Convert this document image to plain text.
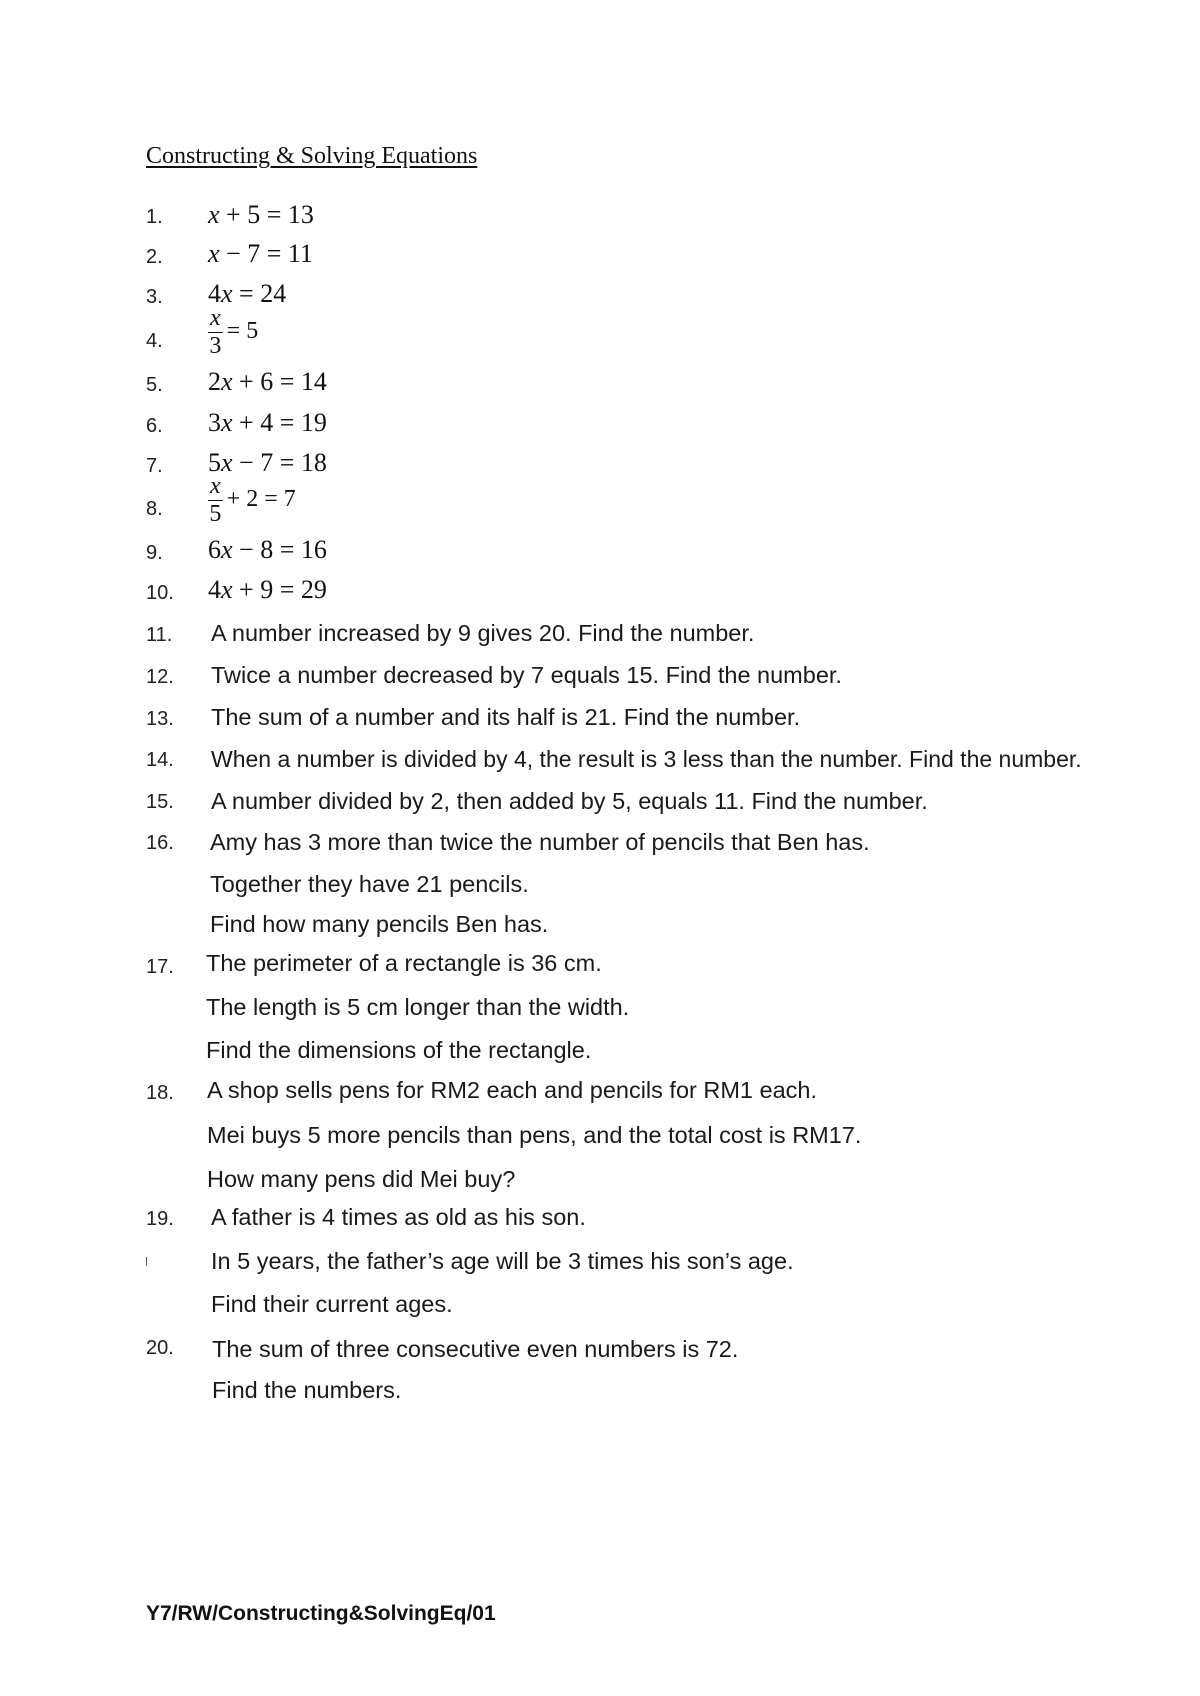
Constructing & Solving Equations
1. x + 5 = 13
2. x − 7 = 11
3. 4x = 24
4. $\frac{x}{3} = 5$
5. 2x + 6 = 14
6. 3x + 4 = 19
7. 5x − 7 = 18
8. $\frac{x}{5} + 2 = 7$
9. 6x − 8 = 16
10. 4x + 9 = 29
11. A number increased by 9 gives 20. Find the number.
12. Twice a number decreased by 7 equals 15. Find the number.
13. The sum of a number and its half is 21. Find the number.
14. When a number is divided by 4, the result is 3 less than the number. Find the number.
15. A number divided by 2, then added by 5, equals 11. Find the number.
16. Amy has 3 more than twice the number of pencils that Ben has.
Together they have 21 pencils.
Find how many pencils Ben has.
17. The perimeter of a rectangle is 36 cm.
The length is 5 cm longer than the width.
Find the dimensions of the rectangle.
18. A shop sells pens for RM2 each and pencils for RM1 each.
Mei buys 5 more pencils than pens, and the total cost is RM17.
How many pens did Mei buy?
19. A father is 4 times as old as his son.
In 5 years, the father’s age will be 3 times his son’s age.
Find their current ages.
20. The sum of three consecutive even numbers is 72.
Find the numbers.
Y7/RW/Constructing&SolvingEq/01
